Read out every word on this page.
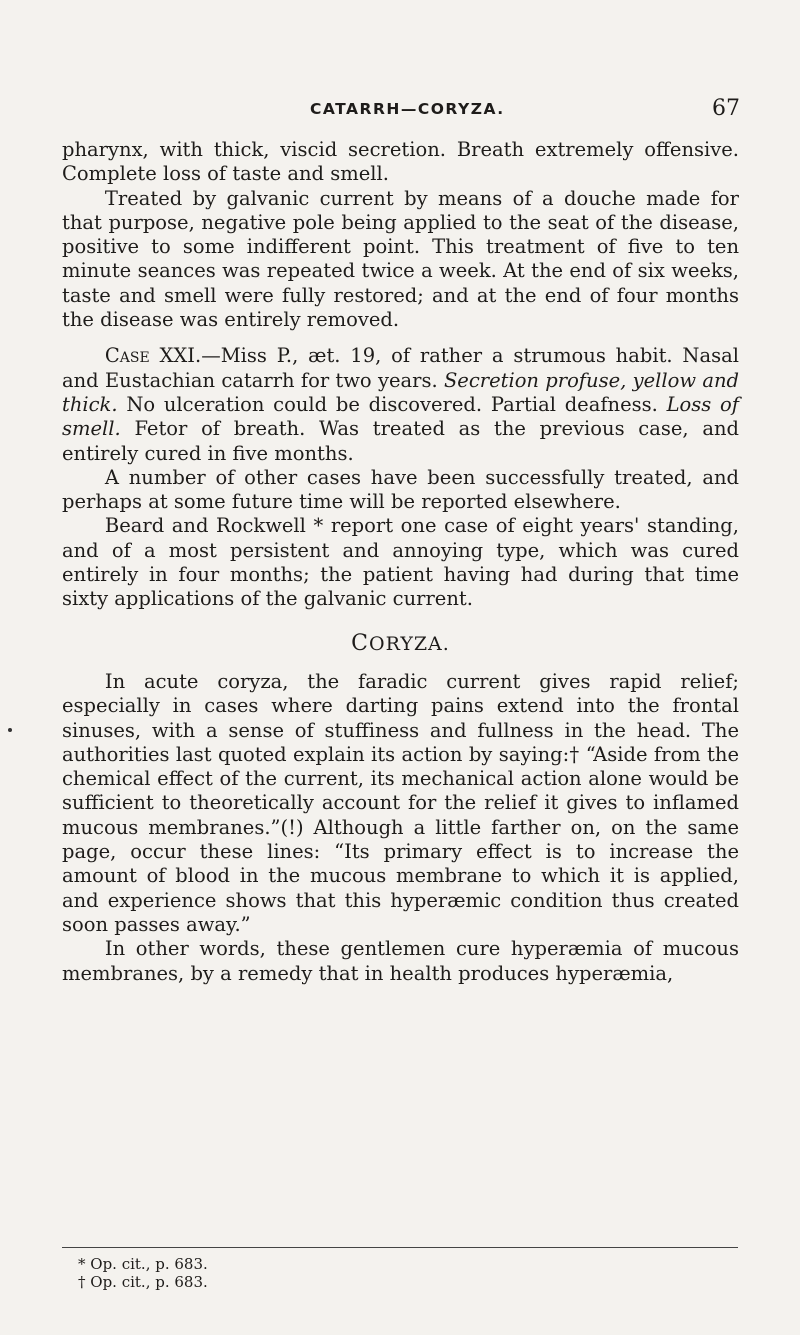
CATARRH—CORYZA.	67

pharynx, with thick, viscid secretion. Breath extremely offensive. Complete loss of taste and smell.

Treated by galvanic current by means of a douche made for that purpose, negative pole being applied to the seat of the disease, positive to some indifferent point. This treatment of five to ten minute seances was repeated twice a week. At the end of six weeks, taste and smell were fully restored; and at the end of four months the disease was entirely removed.

Case XXI.—Miss P., æt. 19, of rather a strumous habit. Nasal and Eustachian catarrh for two years. Secretion profuse, yellow and thick. No ulceration could be discovered. Partial deafness. Loss of smell. Fetor of breath. Was treated as the previous case, and entirely cured in five months.

A number of other cases have been successfully treated, and perhaps at some future time will be reported elsewhere.

Beard and Rockwell * report one case of eight years' standing, and of a most persistent and annoying type, which was cured entirely in four months; the patient having had during that time sixty applications of the galvanic current.

CORYZA.

In acute coryza, the faradic current gives rapid relief; especially in cases where darting pains extend into the frontal sinuses, with a sense of stuffiness and fullness in the head. The authorities last quoted explain its action by saying:† “Aside from the chemical effect of the current, its mechanical action alone would be sufficient to theoretically account for the relief it gives to inflamed mucous membranes.”(!) Although a little farther on, on the same page, occur these lines: “Its primary effect is to increase the amount of blood in the mucous membrane to which it is applied, and experience shows that this hyperæmic condition thus created soon passes away.”

In other words, these gentlemen cure hyperæmia of mucous membranes, by a remedy that in health produces hyperæmia,

* Op. cit., p. 683.
† Op. cit., p. 683.
